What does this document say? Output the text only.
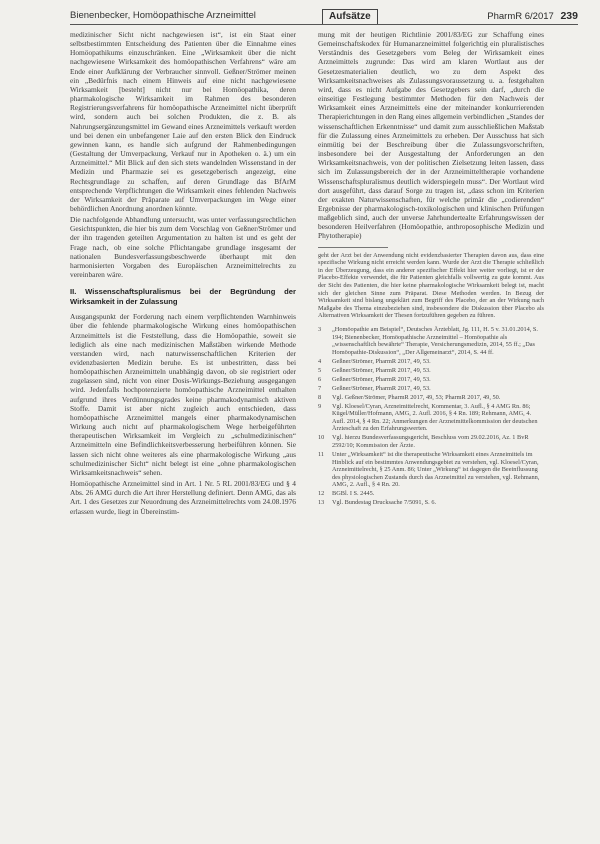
Bienenbecker, Homöopathische Arzneimittel	Aufsätze	PharmR 6/2017 239

medizinischer Sicht nicht nachgewiesen ist“, ist ein Staat einer selbstbestimmten Entscheidung des Patienten über die Einnahme eines Homöopathikums einzuschränken. Eine „Wirksamkeit über die nicht nachgewiesene Wirksamkeit des homöopathischen Verfahrens“ wäre am Ende einer Aufklärung der Verbraucher sinnvoll. Geßner/Strömer meinen ein „Bedürfnis nach einem Hinweis auf eine nicht nachgewiesene Wirksamkeit [besteht] nicht nur bei Homöopathika, deren pharmakologische Wirksamkeit im Rahmen des besonderen Registrierungsverfahrens für homöopathische Arzneimittel nicht überprüft wird, sondern auch bei solchen Produkten, die z. B. als Nahrungsergänzungsmittel im Gewand eines Arzneimittels verkauft werden und bei denen ein unbefangener Laie auf den ersten Blick den Eindruck gewinnen kann, es handle sich aufgrund der Rahmenbedingungen (Gestaltung der Umverpackung, Verkauf nur in Apotheken o. ä.) um ein Arzneimittel.“ Mit Blick auf den sich stets wandelnden Wissenstand in der Medizin und Pharmazie sei es gesetzgeberisch angezeigt, eine Rechtsgrundlage zu schaffen, auf deren Grundlage das BfArM entsprechende Verpflichtungen die Wirksamkeit eines fehlenden Nachweis der Wirksamkeit der Präparate auf Umverpackungen im Wege einer behördlichen Anordnung anordnen könnte.

Die nachfolgende Abhandlung untersucht, was unter verfassungsrechtlichen Gesichtspunkten, die hier bis zum dem Vorschlag von Geßner/Strömer und der ihn tragenden geteilten Argumentation zu halten ist und es geht der Frage nach, ob eine solche Pflichtangabe grundlage insgesamt der nationalen Bundesverfassungsbeschwerde überhaupt mit den harmonisierten Vorgaben des Europäischen Arzneimittelrechts zu vereinbaren wäre.

II. Wissenschaftspluralismus bei der Begründung der Wirksamkeit in der Zulassung

Ausgangspunkt der Forderung nach einem verpflichtenden Warnhinweis über die fehlende pharmakologische Wirkung eines homöopathischen Arzneimittels ist die Feststellung, dass die Homöopathie, soweit sie lediglich als eine nach medizinischen Maßstäben wirkende Methode verstanden wird, nach naturwissenschaftlichen Kriterien der evidenzbasierten Medizin beruhe. Es ist unbestritten, dass bei homöopathischen Arzneimitteln unabhängig davon, ob sie registriert oder zugelassen sind, nicht von einer Dosis-Wirkungs-Beziehung ausgegangen wird. Jedenfalls hochpotenzierte homöopathische Arzneimittel enthalten aufgrund ihres Verdünnungsgrades keine pharmakodynamisch aktiven Stoffe. Damit ist aber nicht zugleich auch entschieden, dass homöopathische Arzneimittel mangels einer pharmakodynamischen Wirkung auch nicht auf pharmakologischem Wege herbeigeführten therapeutischen Wirksamkeit im Vergleich zu „schulmedizinischen“ Arzneimitteln eine Befindlichkeitsverbesserung herbeiführen können. Sie lassen sich nicht ohne weiteres als eine pharmakologische Wirkung „aus schulmedizinischer Sicht“ nicht belegt ist eine „ohne pharmakologischen Wirksamkeitsnachweis“ sehen.

Homöopathische Arzneimittel sind in Art. 1 Nr. 5 RL 2001/83/EG und § 4 Abs. 26 AMG durch die Art ihrer Herstellung definiert. Denn AMG, das als Art. 1 des Gesetzes zur Neuordnung des Arzneimittelrechts vom 24.08.1976 erlassen wurde, liegt in Übereinstim-

mung mit der heutigen Richtlinie 2001/83/EG zur Schaffung eines Gemeinschaftskodex für Humanarzneimittel folgerichtig ein pluralistisches Verständnis des Gesetzgebers vom Beleg der Wirksamkeit eines Arzneimittels zugrunde: Das wird am klaren Wortlaut aus der Gesetzesmaterialien deutlich, wo zu dem Aspekt des Wirksamkeitsnachweises als Zulassungsvoraussetzung u. a. festgehalten wird, dass es nicht Aufgabe des Gesetzgebers sein darf, „durch die einseitige Festlegung bestimmter Methoden für den Nachweis der Wirksamkeit eines Arzneimittels eine der miteinander konkurrierenden Therapierichtungen in den Rang eines allgemein verbindlichen „Standes der wissenschaftlichen Erkenntnisse“ und damit zum ausschließlichen Maßstab für die Zulassung eines Arzneimittels zu erheben. Der Ausschuss hat sich einmütig bei der Beschreibung über die Zulassungsvorschriften, insbesondere bei der Ausgestaltung der Anforderungen an den Wirksamkeitsnachweis, von der politischen Zielsetzung leiten lassen, dass sich im Zulassungsbereich der in der Arzneimitteltherapie vorhandene Wissenschaftspluralismus deutlich widerspiegeln muss“. Der Wortlaut wird dort ausgeführt, dass darauf Sorge zu tragen ist, „dass schon im Kriterien der exakten Naturwissenschaften, für welche primär die „codierenden“ Ergebnisse der pharmakologisch-toxikologischen und klinischen Prüfungen maßgeblich sind, auch der unverse Jahrhundertealte Erfahrungswissen der besonderen Heilverfahren (Homöopathie, anthroposophische Medizin und Phytotherapie)

geht der Arzt bei der Anwendung nicht evidenzbasierter Therapien davon aus, dass eine spezifische Wirkung nicht erreicht werden kann. Wurde der Arzt die Therapie schließlich in der Überzeugung, dass ein anderer spezifischer Effekt hier weiter vorliegt, ist er der Placebo-Effekte verwendet, die für Patienten gleichfalls vollwertig zu gute kommt. Aus der Sicht des Patienten, die hier keine pharmakologische Wirksamkeit belegt ist, macht sich der gleichen Sinne zum Präparat. Diese Methoden werden. In Bezug der Wirksamkeit sind bislang ungeklärt zum Begriff des Placebo, der an der Wirkung nach Maßgabe des Thema einzubeziehen sind, insbesondere die Diskussion über Placebo als Alternativen Wirksamkeit der Thesen fortzuführen gegeben zu führen.
3	„Homöopathie am Beispiel“, Deutsches Ärzteblatt, Jg. 111, H. 5 v. 31.01.2014, S. 194; Bienenbecker, Homöopathische Arzneimittel – Homöopathie als „wissenschaftlich bewährte“ Therapie, Versicherungsmedizin, 2014, 55 ff.; „Das Homöopathie-Diskussion“, „Der Allgemeinarzt“, 2014, S. 44 ff.
4	Geßner/Strömer, PharmR 2017, 49, 53.
5	Geßner/Strömer, PharmR 2017, 49, 53.
6	Geßner/Strömer, PharmR 2017, 49, 53.
7	Geßner/Strömer, PharmR 2017, 49, 53.
8	Vgl. Geßner/Strömer, PharmR 2017, 49, 53; PharmR 2017, 49, 50.
9	Vgl. Kloesel/Cyran, Arzneimittelrecht, Kommentar, 3. Aufl., § 4 AMG Rn. 86; Kügel/Müller/Hofmann, AMG, 2. Aufl. 2016, § 4 Rn. 189; Rehmann, AMG, 4. Aufl. 2014, § 4 Rn. 22; Anmerkungen der Arzneimittelkommission der deutschen Ärzteschaft zu den Erfahrungswerten.
10	Vgl. hierzu Bundesverfassungsgericht, Beschluss vom 29.02.2016, Az. 1 BvR 2592/10; Kommission der Ärzte.
11	Unter „Wirksamkeit“ ist die therapeutische Wirksamkeit eines Arzneimittels im Hinblick auf ein bestimmtes Anwendungsgebiet zu verstehen, vgl. Kloesel/Cyran, Arzneimittelrecht, § 25 Anm. 86; Unter „Wirkung“ ist dagegen die Beeinflussung des physiologischen Zustands durch das Arzneimittel zu verstehen, vgl. Rehmann, AMG, 2. Aufl., § 4 Rn. 20.
12	BGBl. I S. 2445.
13	Vgl. Bundestag Drucksache 7/5091, S. 6.
